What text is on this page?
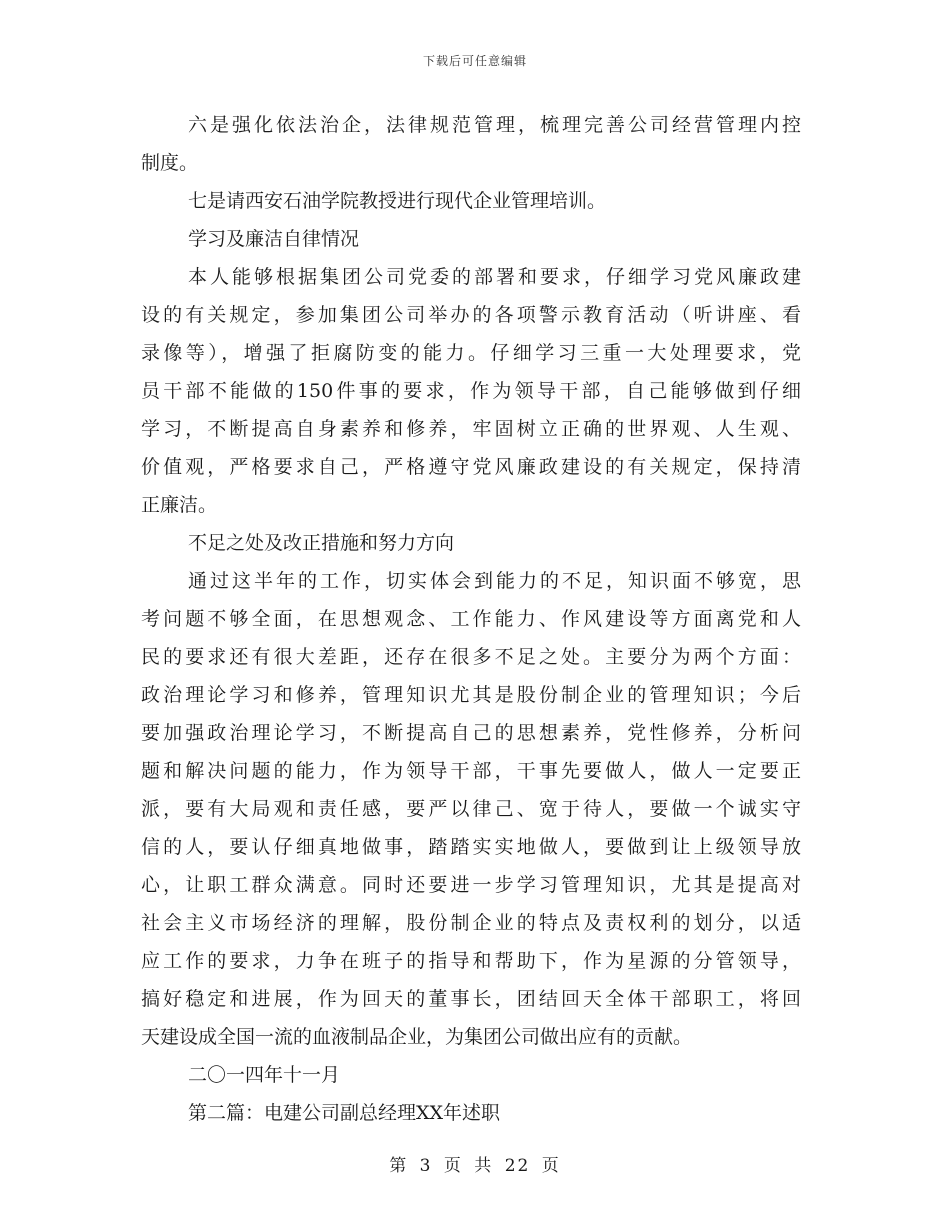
下载后可任意编辑
六是强化依法治企，法律规范管理，梳理完善公司经营管理内控
制度。
七是请西安石油学院教授进行现代企业管理培训。
学习及廉洁自律情况
本人能够根据集团公司党委的部署和要求，仔细学习党风廉政建
设的有关规定，参加集团公司举办的各项警示教育活动（听讲座、看
录像等），增强了拒腐防变的能力。仔细学习三重一大处理要求，党
员干部不能做的150件事的要求，作为领导干部，自己能够做到仔细
学习，不断提高自身素养和修养，牢固树立正确的世界观、人生观、
价值观，严格要求自己，严格遵守党风廉政建设的有关规定，保持清
正廉洁。
不足之处及改正措施和努力方向
通过这半年的工作，切实体会到能力的不足，知识面不够宽，思
考问题不够全面，在思想观念、工作能力、作风建设等方面离党和人
民的要求还有很大差距，还存在很多不足之处。主要分为两个方面：
政治理论学习和修养，管理知识尤其是股份制企业的管理知识；今后
要加强政治理论学习，不断提高自己的思想素养，党性修养，分析问
题和解决问题的能力，作为领导干部，干事先要做人，做人一定要正
派，要有大局观和责任感，要严以律己、宽于待人，要做一个诚实守
信的人，要认仔细真地做事，踏踏实实地做人，要做到让上级领导放
心，让职工群众满意。同时还要进一步学习管理知识，尤其是提高对
社会主义市场经济的理解，股份制企业的特点及责权利的划分，以适
应工作的要求，力争在班子的指导和帮助下，作为星源的分管领导，
搞好稳定和进展，作为回天的董事长，团结回天全体干部职工，将回
天建设成全国一流的血液制品企业，为集团公司做出应有的贡献。
二〇一四年十一月
第二篇：电建公司副总经理XX年述职
第 3 页 共 22 页
